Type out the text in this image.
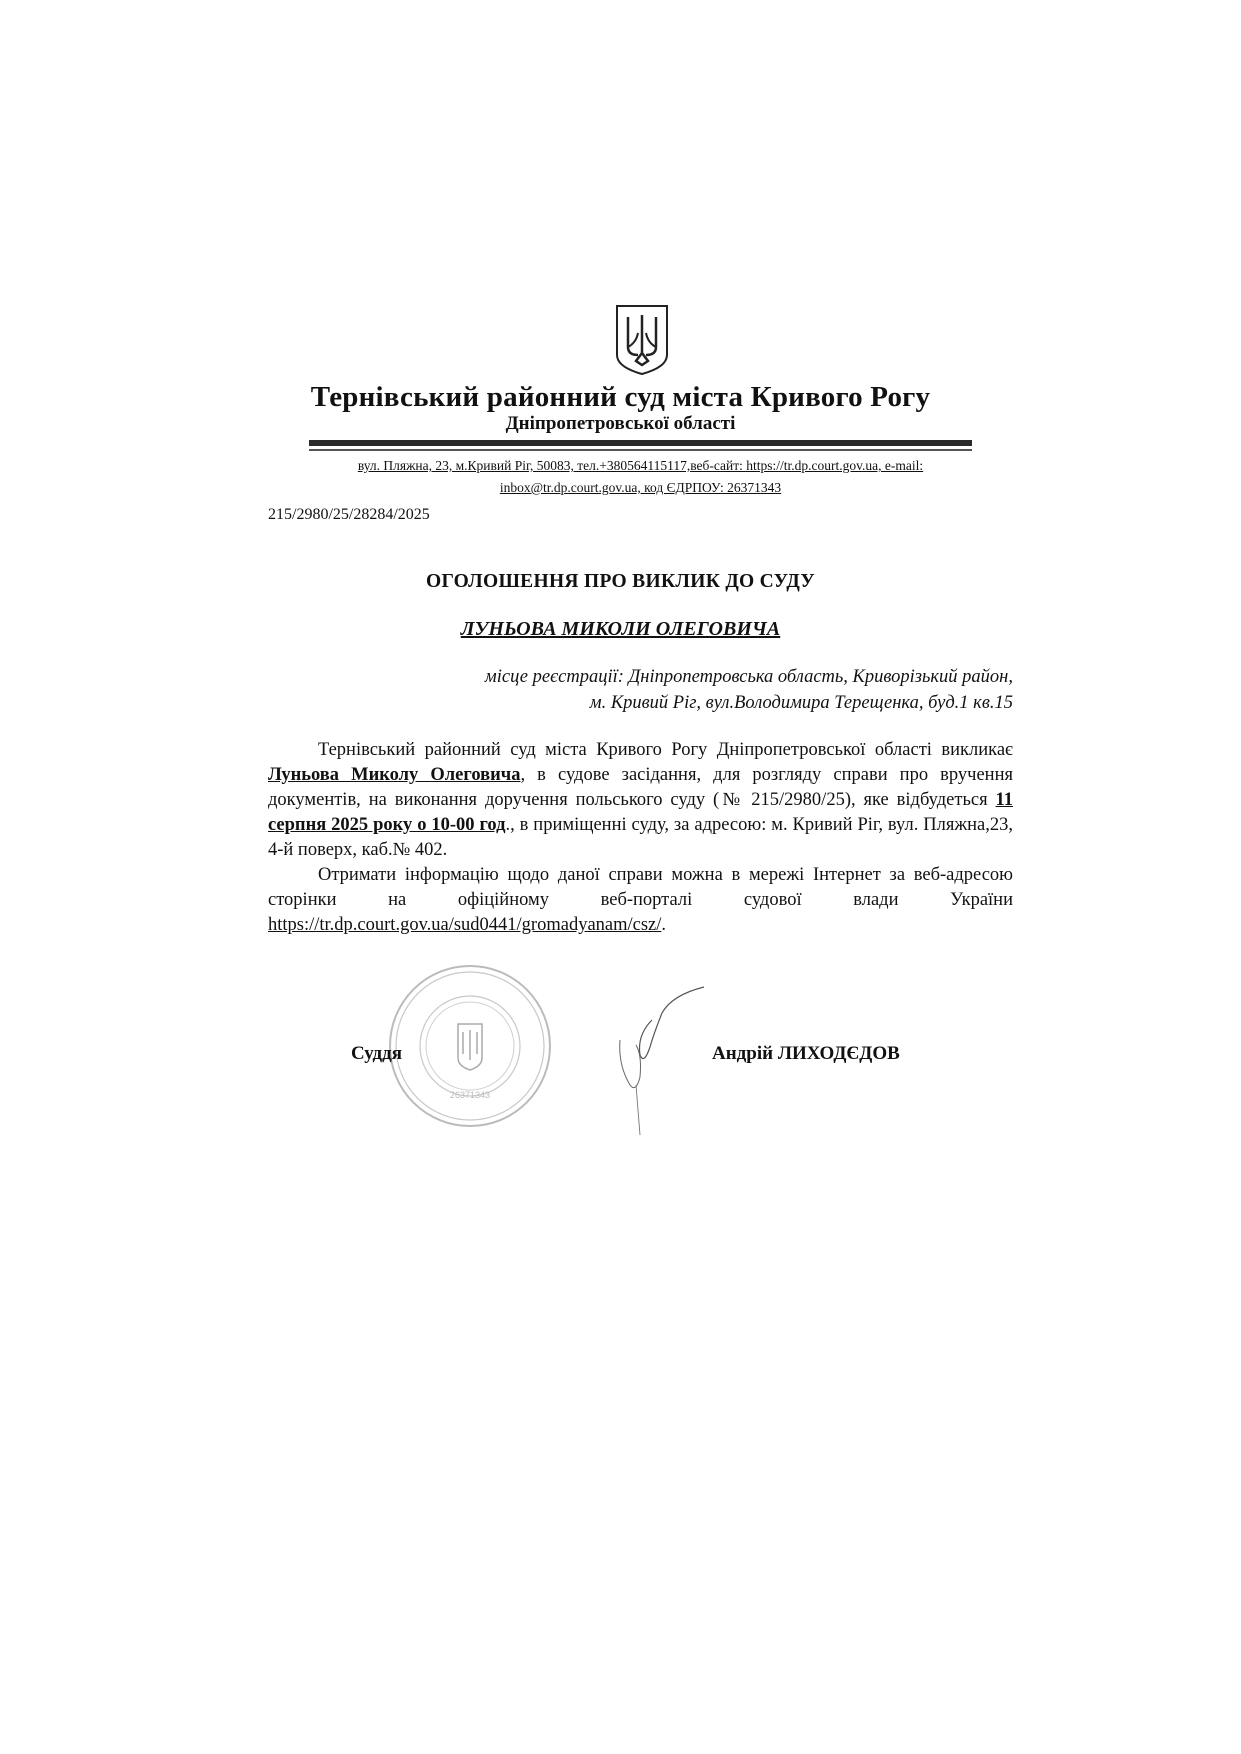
Тернівський районний суд міста Кривого Рогу
Дніпропетровської області
вул. Пляжна, 23, м.Кривий Ріг, 50083, тел.+380564115117,веб-сайт: https://tr.dp.court.gov.ua, e-mail:
inbox@tr.dp.court.gov.ua, код ЄДРПОУ: 26371343
215/2980/25/28284/2025
ОГОЛОШЕННЯ ПРО ВИКЛИК ДО СУДУ
ЛУНЬОВА МИКОЛИ ОЛЕГОВИЧА
місце реєстрації: Дніпропетровська область, Криворізький район,
м. Кривий Ріг, вул.Володимира Терещенка, буд.1 кв.15

Тернівський районний суд міста Кривого Рогу Дніпропетровської області викликає Луньова Миколу Олеговича, в судове засідання, для розгляду справи про вручення документів, на виконання доручення польського суду (№ 215/2980/25), яке відбудеться 11 серпня 2025 року о 10-00 год., в приміщенні суду, за адресою: м. Кривий Ріг, вул. Пляжна,23, 4-й поверх, каб.№ 402.

Отримати інформацію щодо даної справи можна в мережі Інтернет за веб-адресою сторінки на офіційному веб-порталі судової влади України https://tr.dp.court.gov.ua/sud0441/gromadyanam/csz/.

26371343
Суддя	Андрій ЛИХОДЄДОВ
